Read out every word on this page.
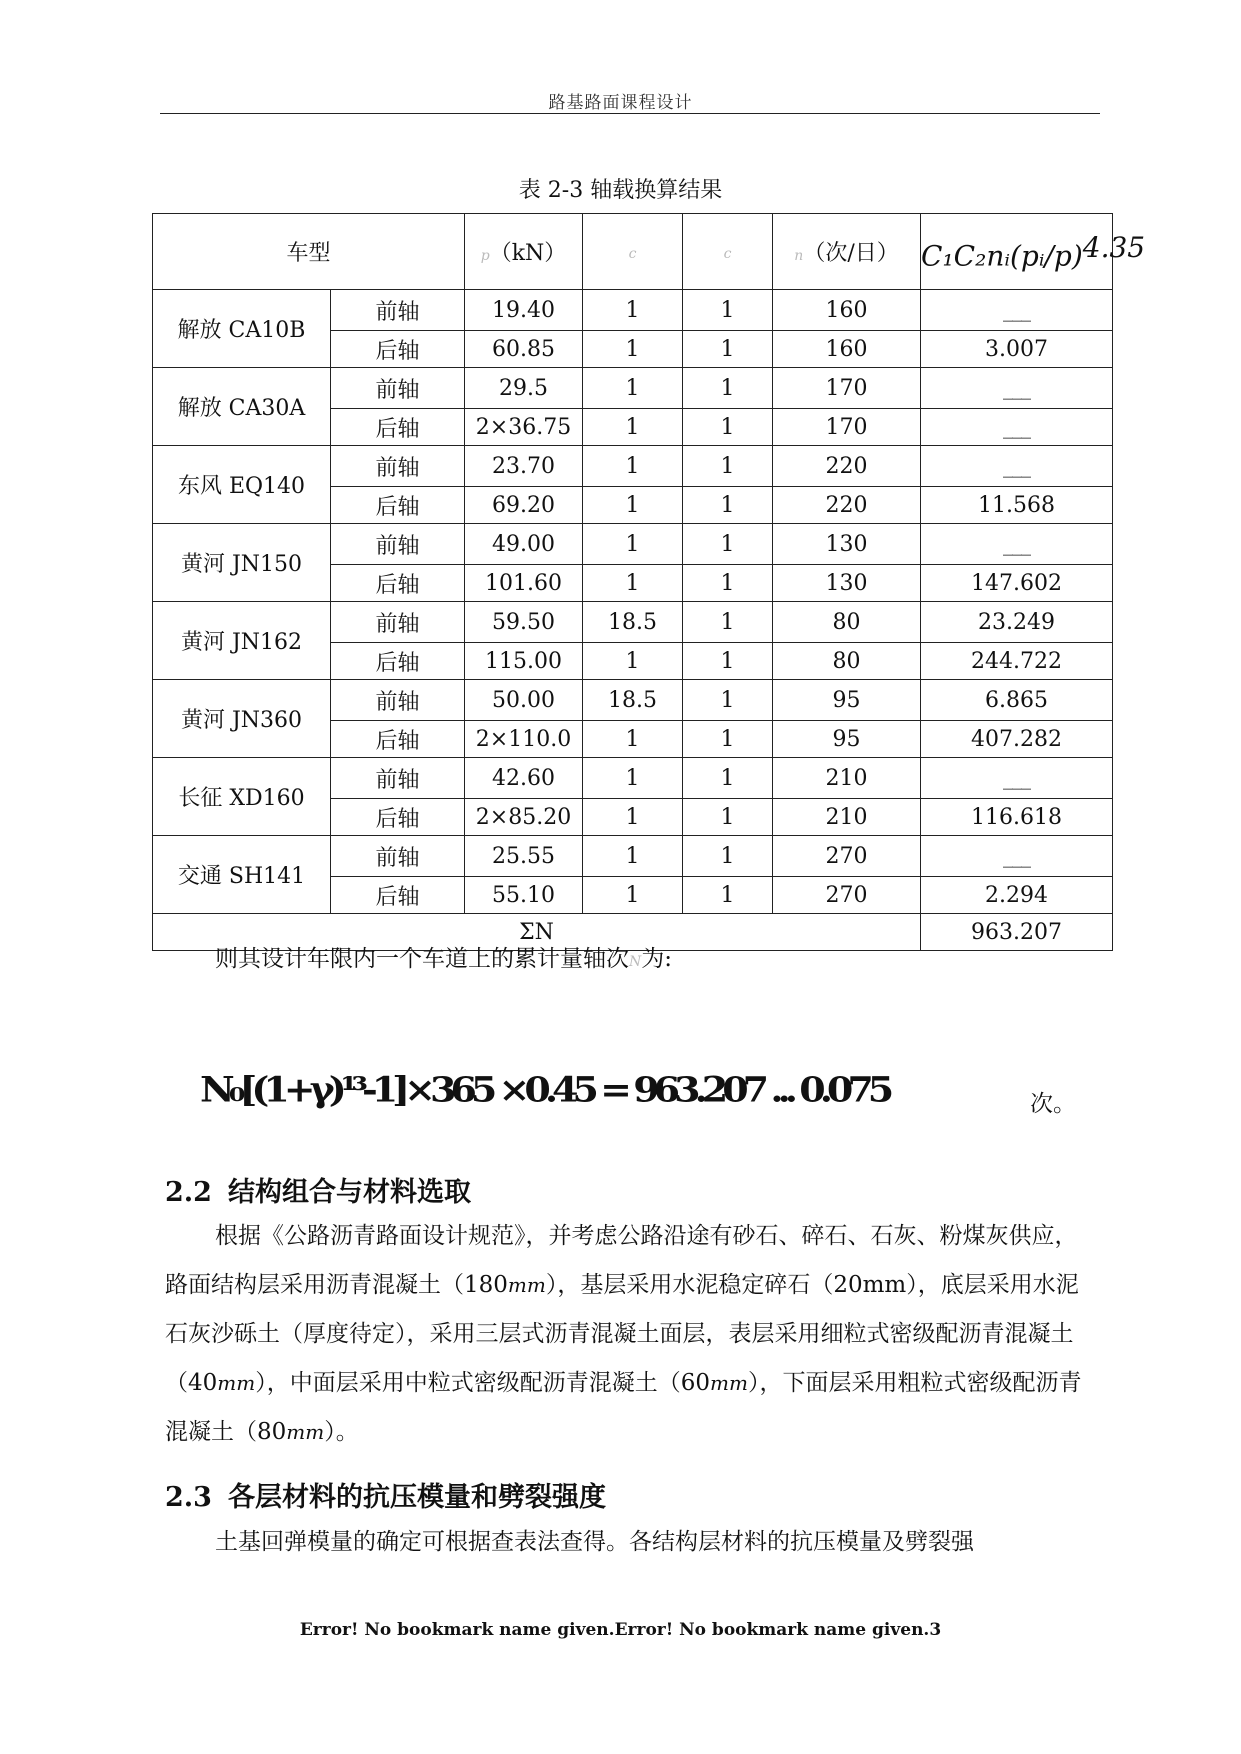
路基路面课程设计
表 2-3 轴载换算结果
车型		p（kN）	c	c	n（次/日）	C₁C₂nᵢ(pᵢ/p)$^{4.35}$
解放 CA10B	前轴	19.40	1	1	160	___
	后轴	60.85	1	1	160	3.007
解放 CA30A	前轴	29.5	1	1	170	___
	后轴	2×36.75	1	1	170	___
东风 EQ140	前轴	23.70	1	1	220	___
	后轴	69.20	1	1	220	11.568
黄河 JN150	前轴	49.00	1	1	130	___
	后轴	101.60	1	1	130	147.602
黄河 JN162	前轴	59.50	18.5	1	80	23.249
	后轴	115.00	1	1	80	244.722
黄河 JN360	前轴	50.00	18.5	1	95	6.865
	后轴	2×110.0	1	1	95	407.282
长征 XD160	前轴	42.60	1	1	210	___
	后轴	2×85.20	1	1	210	116.618
交通 SH141	前轴	25.55	1	1	270	___
	后轴	55.10	1	1	270	2.294
ΣN						963.207
则其设计年限内一个车道上的累计量轴次N为:
N₀[(1+γ)¹³-1]×365 ×0.45 = 963.207 ... 0.075	次。
2.2 结构组合与材料选取
根据《公路沥青路面设计规范》，并考虑公路沿途有砂石、碎石、石灰、粉煤灰供应，路面结构层采用沥青混凝土（180mm），基层采用水泥稳定碎石（20mm），底层采用水泥石灰沙砾土（厚度待定），采用三层式沥青混凝土面层，表层采用细粒式密级配沥青混凝土（40mm），中面层采用中粒式密级配沥青混凝土（60mm），下面层采用粗粒式密级配沥青混凝土（80mm）。
2.3 各层材料的抗压模量和劈裂强度
土基回弹模量的确定可根据查表法查得。各结构层材料的抗压模量及劈裂强
Error! No bookmark name given.Error! No bookmark name given.3
